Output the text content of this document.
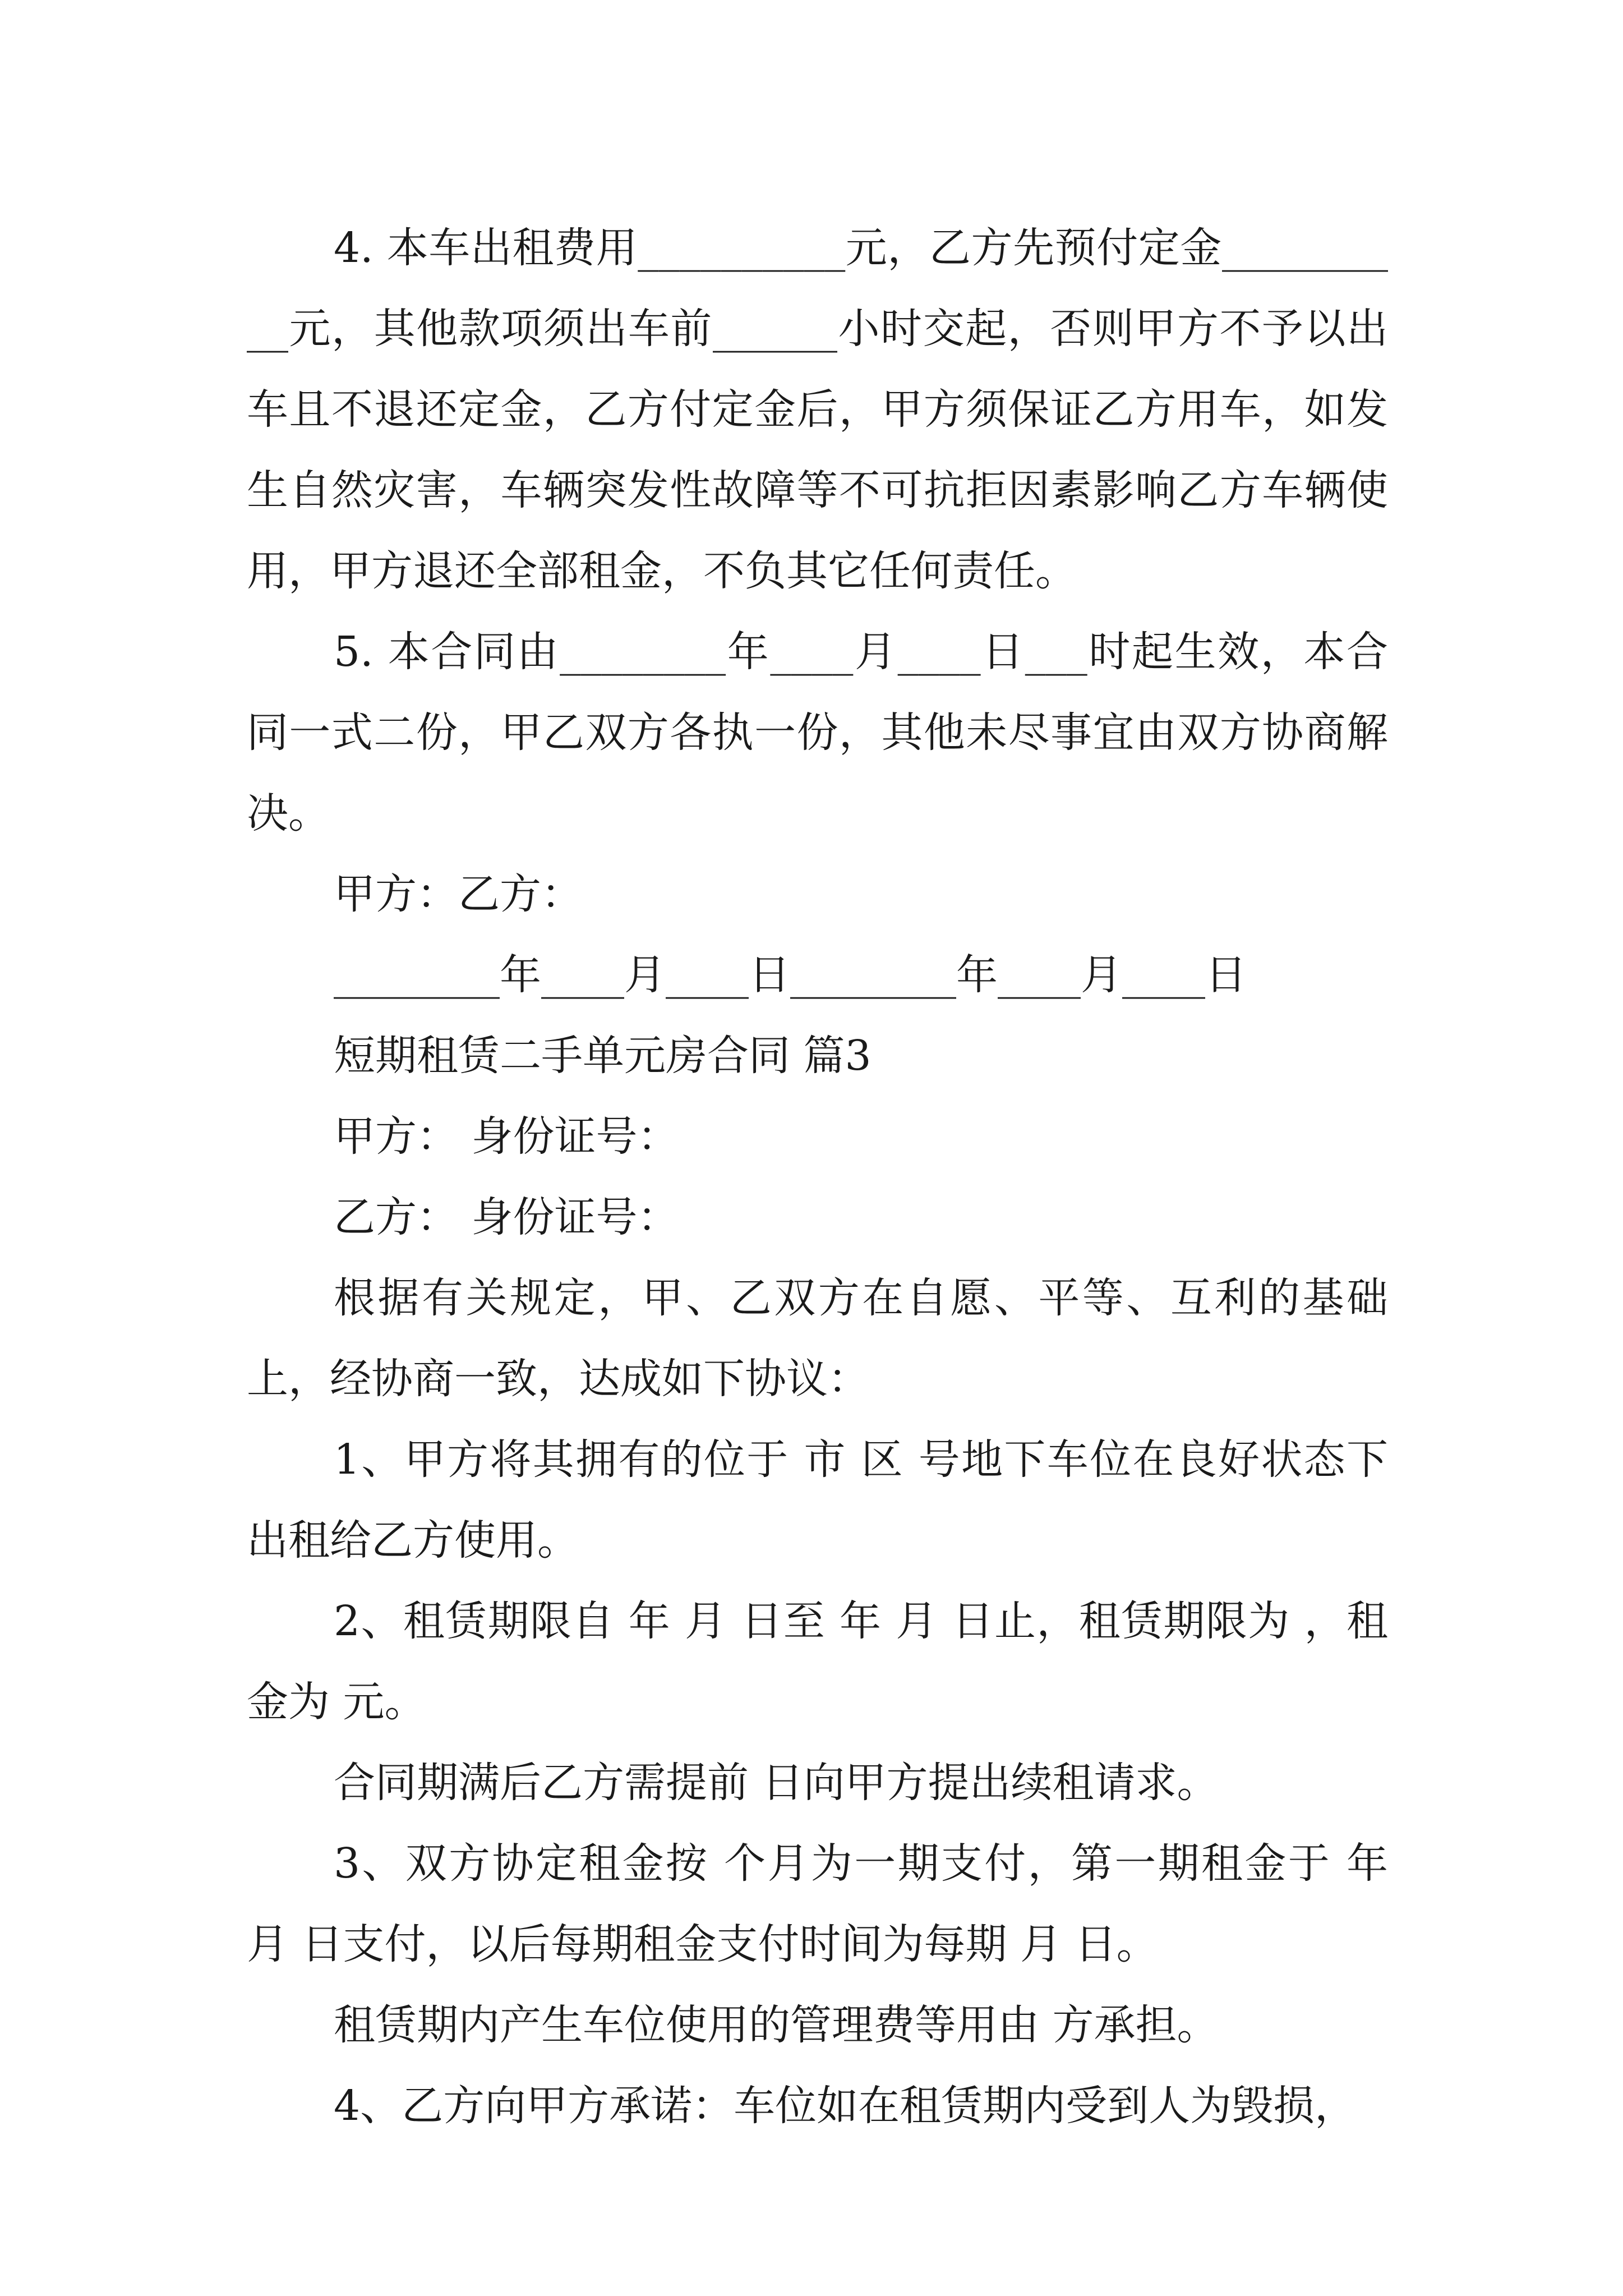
4. 本车出租费用__________元，乙方先预付定金__________元，其他款项须出车前______小时交起，否则甲方不予以出车且不退还定金，乙方付定金后，甲方须保证乙方用车，如发生自然灾害，车辆突发性故障等不可抗拒因素影响乙方车辆使用，甲方退还全部租金，不负其它任何责任。

5. 本合同由________年____月____日___时起生效，本合同一式二份，甲乙双方各执一份，其他未尽事宜由双方协商解决。

甲方：乙方：

________年____月____日________年____月____日

短期租赁二手单元房合同 篇3

甲方： 身份证号：

乙方： 身份证号：

根据有关规定，甲、乙双方在自愿、平等、互利的基础上，经协商一致，达成如下协议：

1、甲方将其拥有的位于 市 区 号地下车位在良好状态下出租给乙方使用。

2、租赁期限自 年 月 日至 年 月 日止，租赁期限为 ，租金为 元。

合同期满后乙方需提前 日向甲方提出续租请求。

3、双方协定租金按 个月为一期支付，第一期租金于 年 月 日支付，以后每期租金支付时间为每期 月 日。

租赁期内产生车位使用的管理费等用由 方承担。

4、乙方向甲方承诺：车位如在租赁期内受到人为毁损，
